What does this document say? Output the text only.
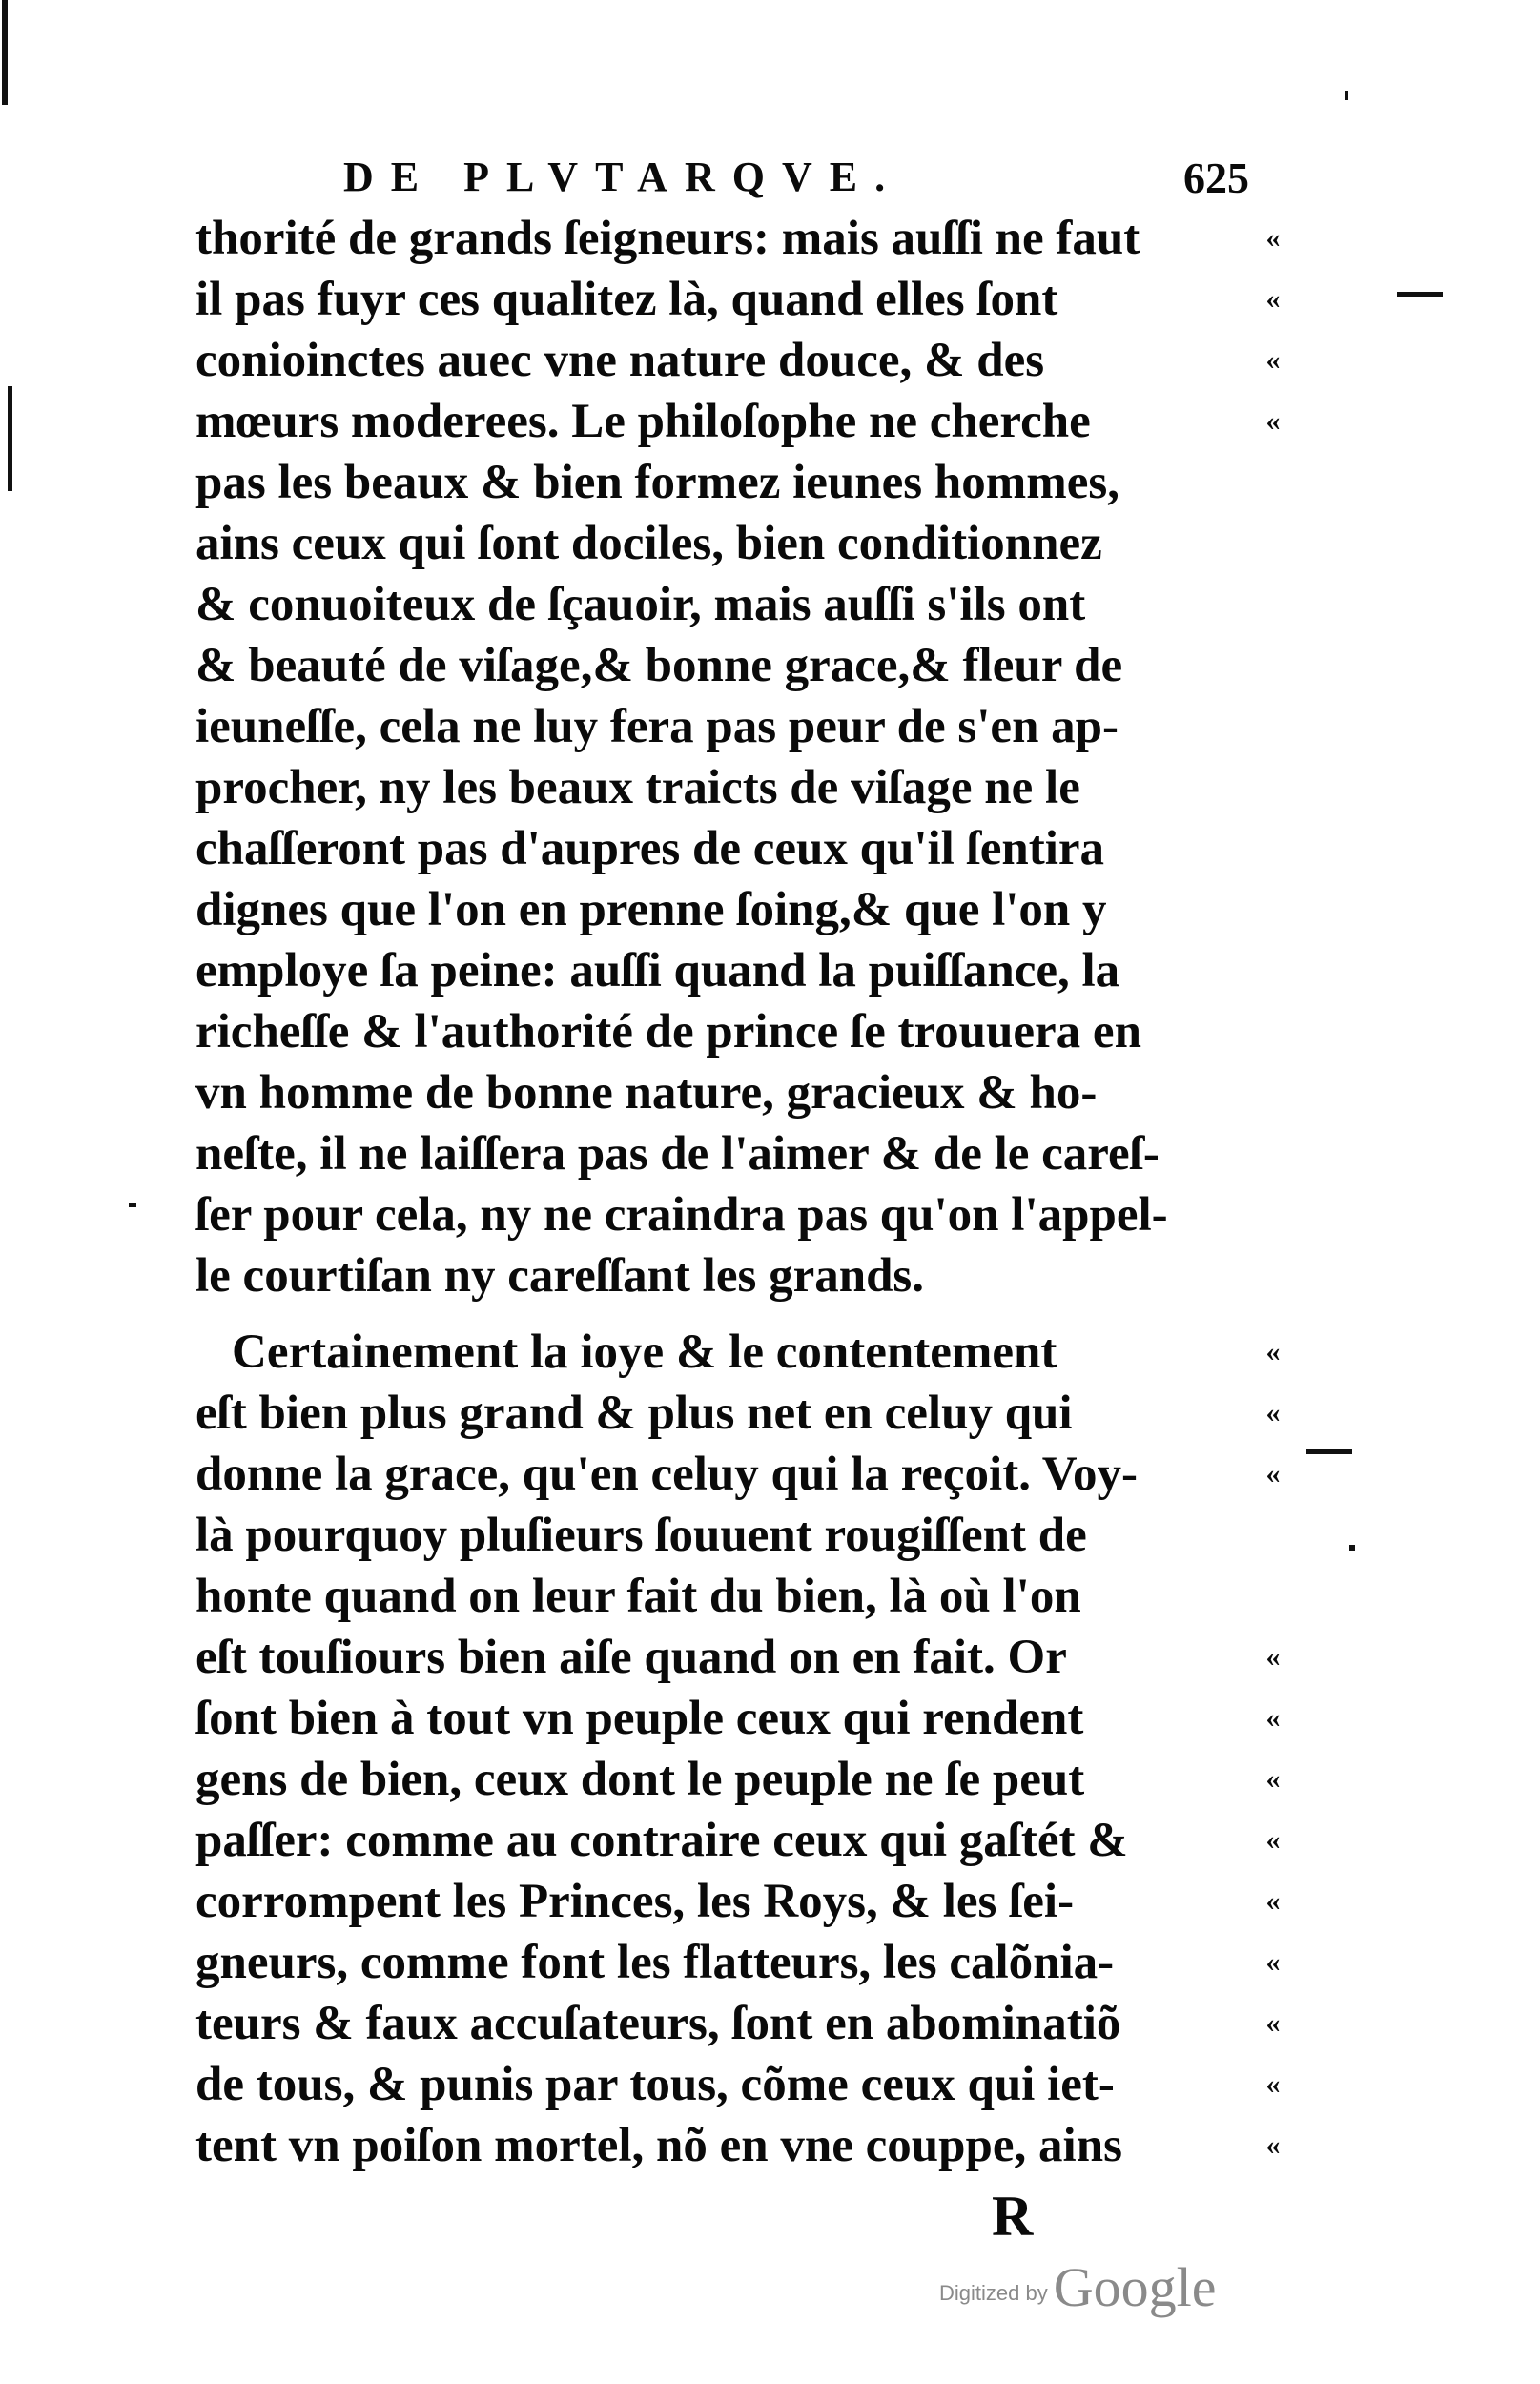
DE PLVTARQVE.	625
thorité de grands ſeigneurs: mais auſſi ne faut	«
il pas fuyr ces qualitez là, quand elles ſont	«
conioinctes auec vne nature douce, & des	«
mœurs moderees. Le philoſophe ne cherche	«
pas les beaux & bien formez ieunes hommes,
ains ceux qui ſont dociles, bien conditionnez
& conuoiteux de ſçauoir, mais auſſi s'ils ont
& beauté de viſage,& bonne grace,& fleur de
ieuneſſe, cela ne luy fera pas peur de s'en ap-
procher, ny les beaux traicts de viſage ne le
chaſſeront pas d'aupres de ceux qu'il ſentira
dignes que l'on en prenne ſoing,& que l'on y
employe ſa peine: auſſi quand la puiſſance, la
richeſſe & l'authorité de prince ſe trouuera en
vn homme de bonne nature, gracieux & ho-
neſte, il ne laiſſera pas de l'aimer & de le careſ-
ſer pour cela, ny ne craindra pas qu'on l'appel-
le courtiſan ny careſſant les grands.
Certainement la ioye & le contentement	«
eſt bien plus grand & plus net en celuy qui	«
donne la grace, qu'en celuy qui la reçoit. Voy-	«
là pourquoy pluſieurs ſouuent rougiſſent de
honte quand on leur fait du bien, là où l'on
eſt touſiours bien aiſe quand on en fait. Or	«
ſont bien à tout vn peuple ceux qui rendent	«
gens de bien, ceux dont le peuple ne ſe peut	«
paſſer: comme au contraire ceux qui gaſtét &	«
corrompent les Princes, les Roys, & les ſei-	«
gneurs, comme font les flatteurs, les calõnia-	«
teurs & faux accuſateurs, ſont en abominatiõ	«
de tous, & punis par tous, cõme ceux qui iet-	«
tent vn poiſon mortel, nõ en vne couppe, ains	«
R
Digitized by Google
